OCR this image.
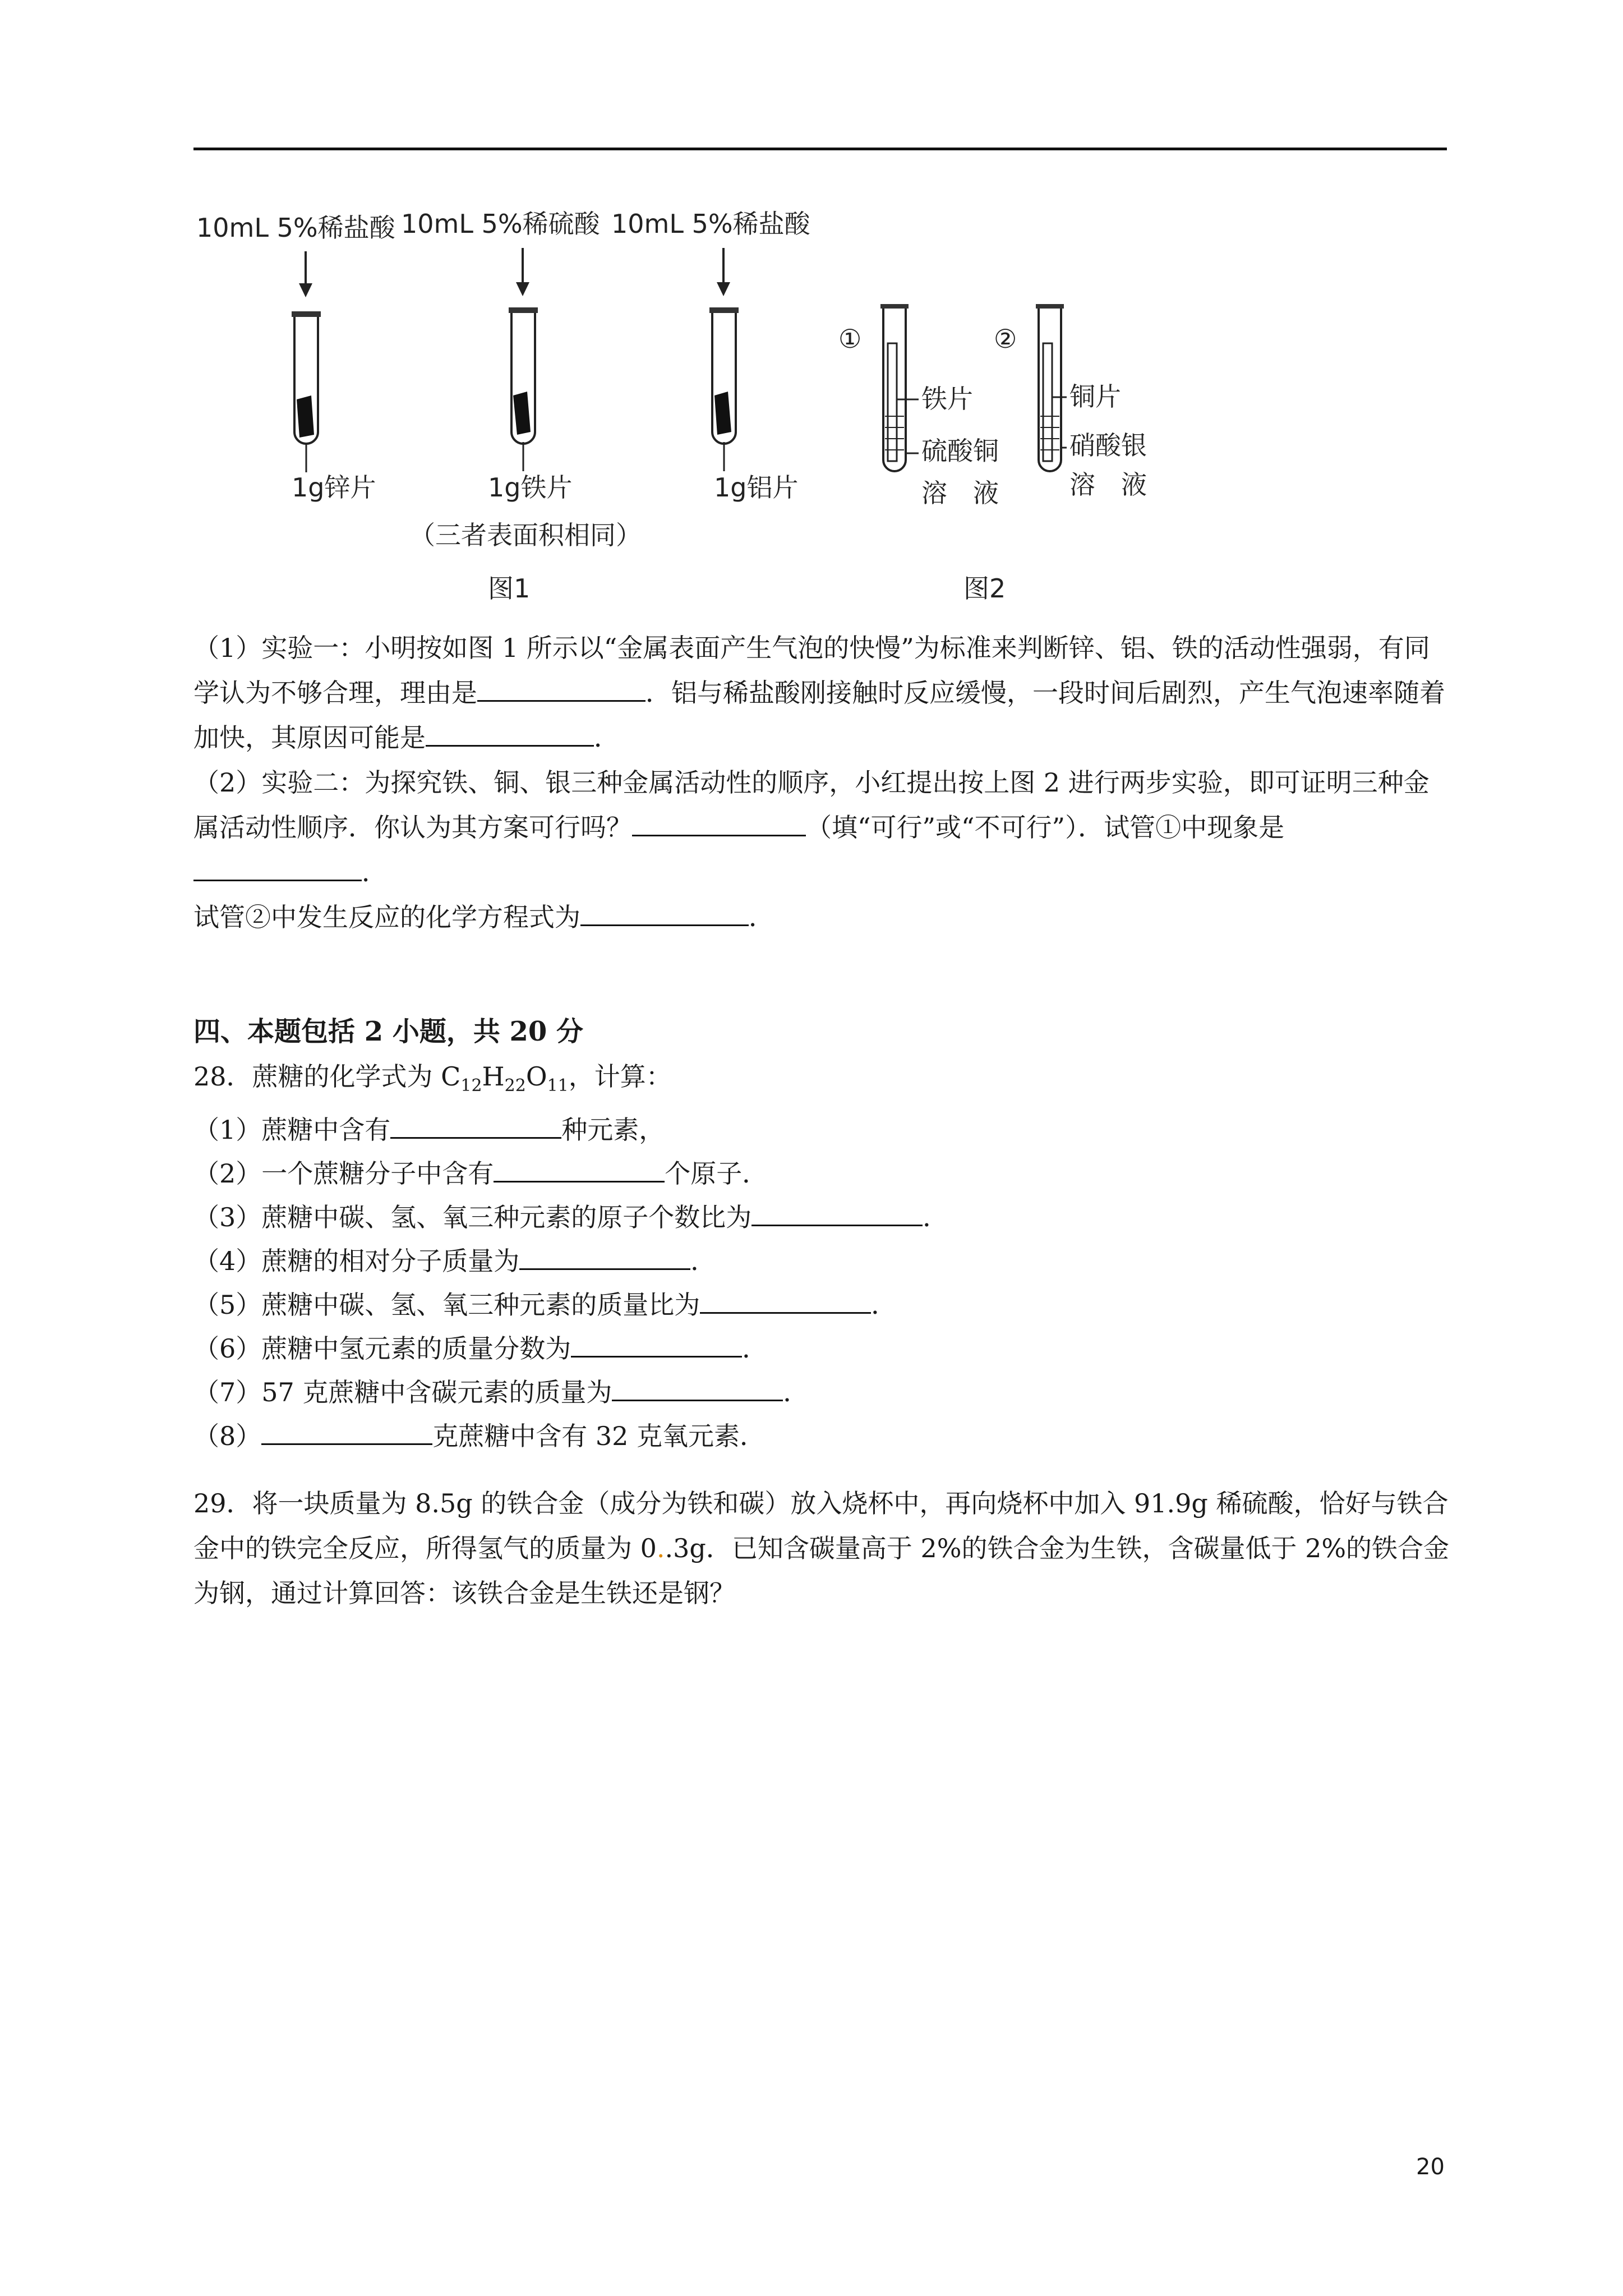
10mL 5%稀盐酸
1g锌片
10mL 5%稀硫酸
1g铁片
10mL 5%稀盐酸
1g铝片
（三者表面积相同）
图1
①
铁片
硫酸铜
溶　液
②
铜片
硝酸银
溶　液
图2

（1）实验一：小明按如图 1 所示以“金属表面产生气泡的快慢”为标准来判断锌、铝、铁的活动性强弱，有同学认为不够合理，理由是	．铝与稀盐酸刚接触时反应缓慢，一段时间后剧烈，产生气泡速率随着加快，其原因可能是	．

（2）实验二：为探究铁、铜、银三种金属活动性的顺序，小红提出按上图 2 进行两步实验，即可证明三种金属活动性顺序．你认为其方案可行吗？	（填“可行”或“不可行”）．试管①中现象是．

试管②中发生反应的化学方程式为	．

四、本题包括 2 小题，共 20 分

28．蔗糖的化学式为 $C_{12}H_{22}O_{11}$，计算：

（1）蔗糖中含有	种元素，

（2）一个蔗糖分子中含有	个原子．

（3）蔗糖中碳、氢、氧三种元素的原子个数比为	．

（4）蔗糖的相对分子质量为	．

（5）蔗糖中碳、氢、氧三种元素的质量比为	．

（6）蔗糖中氢元素的质量分数为	．

（7）57 克蔗糖中含碳元素的质量为	．

（8）	克蔗糖中含有 32 克氧元素．

29．将一块质量为 8.5g 的铁合金（成分为铁和碳）放入烧杯中，再向烧杯中加入 91.9g 稀硫酸，恰好与铁合金中的铁完全反应，所得氢气的质量为 0..3g．已知含碳量高于 2%的铁合金为生铁，含碳量低于 2%的铁合金为钢，通过计算回答：该铁合金是生铁还是钢？

20
